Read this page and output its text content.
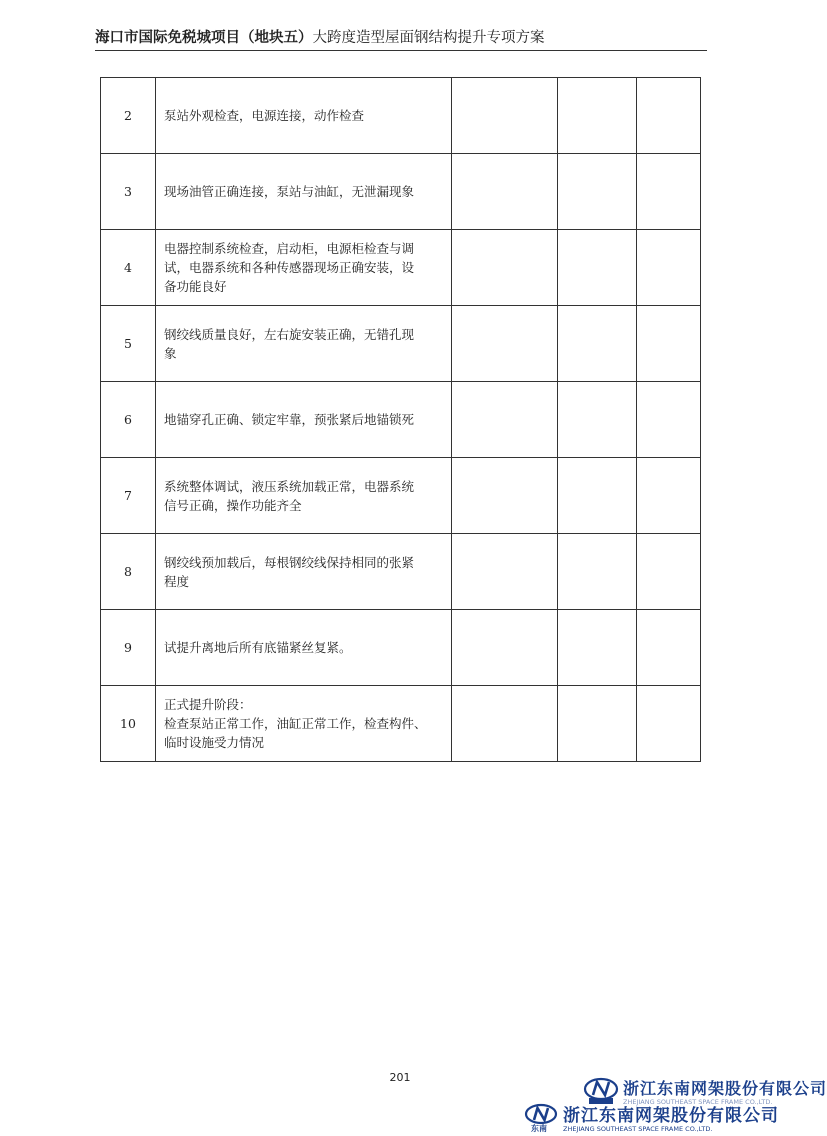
海口市国际免税城项目（地块五）大跨度造型屋面钢结构提升专项方案
2	泵站外观检查，电源连接，动作检查			

3	现场油管正确连接，泵站与油缸，无泄漏现象			

4	电器控制系统检查，启动柜，电源柜检查与调
试，电器系统和各种传感器现场正确安装，设
备功能良好			

5	钢绞线质量良好，左右旋安装正确，无错孔现
象			

6	地锚穿孔正确、锁定牢靠，预张紧后地锚锁死			

7	系统整体调试，液压系统加载正常，电器系统
信号正确，操作功能齐全			

8	钢绞线预加载后，每根钢绞线保持相同的张紧
程度			

9	试提升离地后所有底锚紧丝复紧。			

10	正式提升阶段：
检查泵站正常工作，油缸正常工作，检查构件、
临时设施受力情况			

201
浙江东南网架股份有限公司
ZHEJIANG SOUTHEAST SPACE FRAME CO.,LTD.
东南
浙江东南网架股份有限公司
ZHEJIANG SOUTHEAST SPACE FRAME CO.,LTD.
